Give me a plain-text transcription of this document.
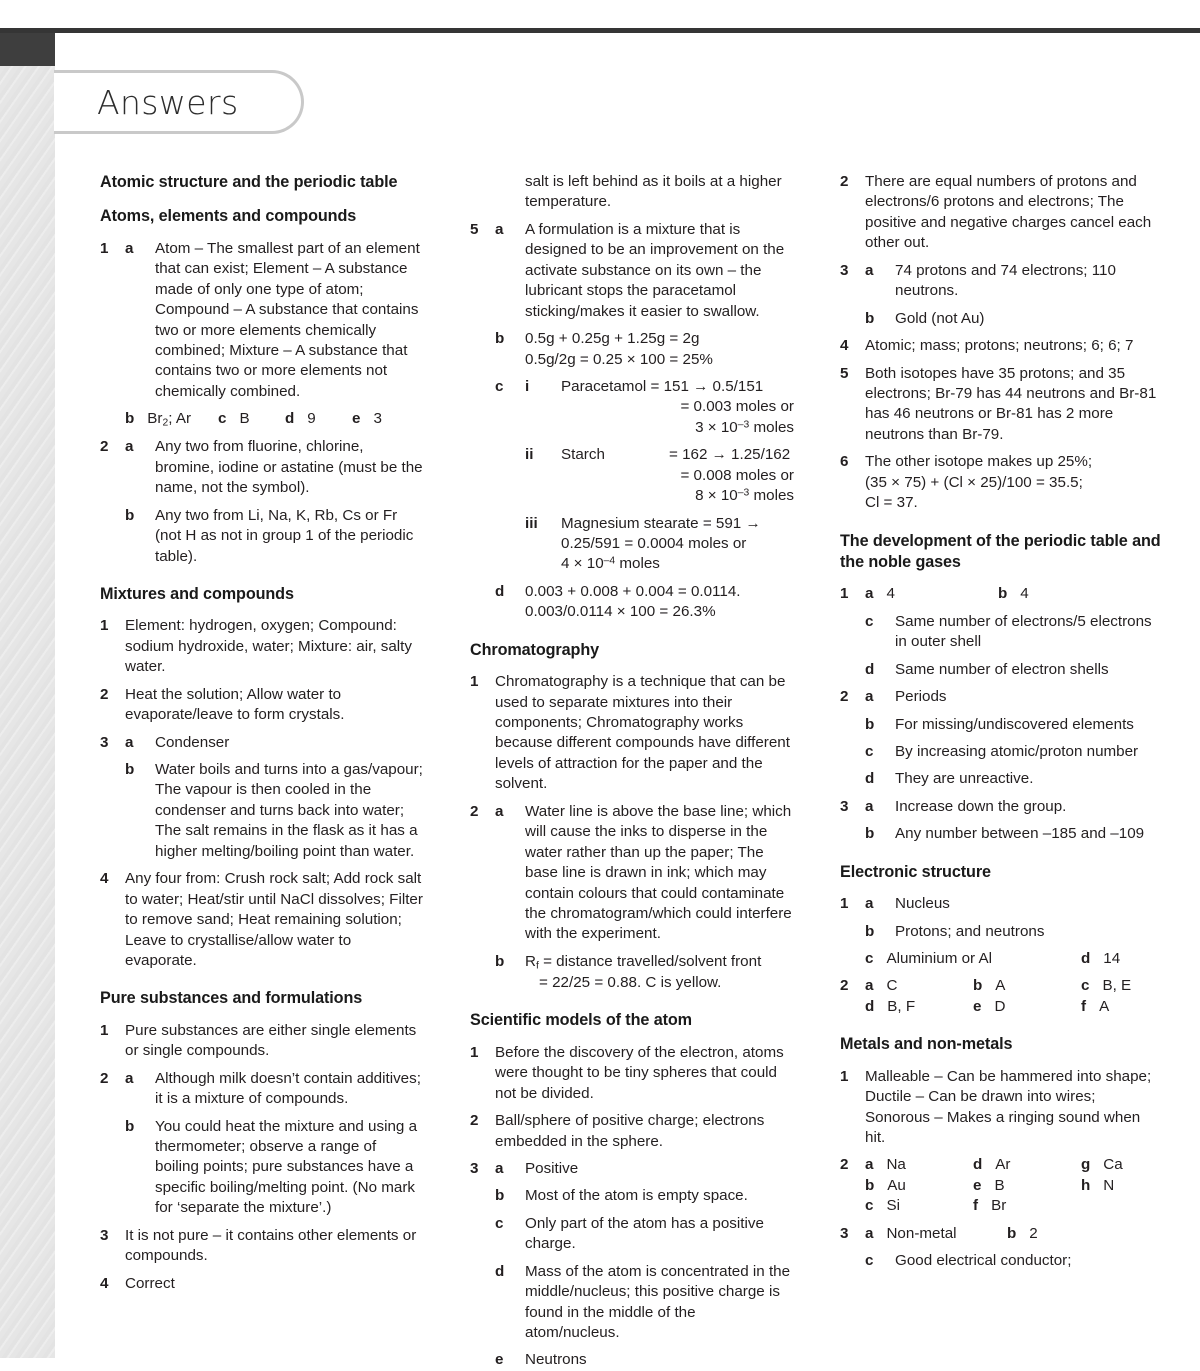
Answers
Atomic structure and the periodic table
Atoms, elements and compounds
1	a	Atom – The smallest part of an element that can exist; Element – A substance made of only one type of atom; Compound – A substance that contains two or more elements chemically combined; Mixture – A substance that contains two or more elements not chemically combined.
b $Br_2$; Ar c B d 9 e 3
2	a	Any two from fluorine, chlorine, bromine, iodine or astatine (must be the name, not the symbol).
b	Any two from Li, Na, K, Rb, Cs or Fr (not H as not in group 1 of the periodic table).
Mixtures and compounds
1	Element: hydrogen, oxygen; Compound: sodium hydroxide, water; Mixture: air, salty water.
2	Heat the solution; Allow water to evaporate/leave to form crystals.
3	a	Condenser
b	Water boils and turns into a gas/vapour; The vapour is then cooled in the condenser and turns back into water; The salt remains in the flask as it has a higher melting/boiling point than water.
4	Any four from: Crush rock salt; Add rock salt to water; Heat/stir until NaCl dissolves; Filter to remove sand; Heat remaining solution; Leave to crystallise/allow water to evaporate.
Pure substances and formulations
1	Pure substances are either single elements or single compounds.
2	a	Although milk doesn’t contain additives; it is a mixture of compounds.
b	You could heat the mixture and using a thermometer; observe a range of boiling points; pure substances have a specific boiling/melting point. (No mark for ‘separate the mixture’.)
3	It is not pure – it contains other elements or compounds.
4	Correct
salt is left behind as it boils at a higher temperature.
5	a	A formulation is a mixture that is designed to be an improvement on the activate substance on its own – the lubricant stops the paracetamol sticking/makes it easier to swallow.
b	0.5g + 0.25g + 1.25g = 2g
0.5g/2g = 0.25 × 100 = 25%
c	i	Paracetamol = 151 → 0.5/151
= 0.003 moles or
$3 \times 10^{-3}$ moles
ii	Starch	= 162 → 1.25/162
= 0.008 moles or
$8 \times 10^{-3}$ moles
iii	Magnesium stearate = 591 →
0.25/591 = 0.0004 moles or
$4 \times 10^{-4}$ moles
d	0.003 + 0.008 + 0.004 = 0.0114.
0.003/0.0114 × 100 = 26.3%
Chromatography
1	Chromatography is a technique that can be used to separate mixtures into their components; Chromatography works because different compounds have different levels of attraction for the paper and the solvent.
2	a	Water line is above the base line; which will cause the inks to disperse in the water rather than up the paper; The base line is drawn in ink; which may contain colours that could contaminate the chromatogram/which could interfere with the experiment.
b	$R_f$ = distance travelled/solvent front
= 22/25 = 0.88. C is yellow.
Scientific models of the atom
1	Before the discovery of the electron, atoms were thought to be tiny spheres that could not be divided.
2	Ball/sphere of positive charge; electrons embedded in the sphere.
3	a	Positive
b	Most of the atom is empty space.
c	Only part of the atom has a positive charge.
d	Mass of the atom is concentrated in the middle/nucleus; this positive charge is found in the middle of the atom/nucleus.
e	Neutrons
2	There are equal numbers of protons and electrons/6 protons and electrons; The positive and negative charges cancel each other out.
3	a	74 protons and 74 electrons; 110 neutrons.
b	Gold (not Au)
4	Atomic; mass; protons; neutrons; 6; 6; 7
5	Both isotopes have 35 protons; and 35 electrons; Br-79 has 44 neutrons and Br-81 has 46 neutrons or Br-81 has 2 more neutrons than Br-79.
6	The other isotope makes up 25%;
(35 × 75) + (Cl × 25)/100 = 35.5;
Cl = 37.
The development of the periodic table and the noble gases
1	a 4	b 4
c	Same number of electrons/5 electrons in outer shell
d	Same number of electron shells
2	a	Periods
b	For missing/undiscovered elements
c	By increasing atomic/proton number
d	They are unreactive.
3	a	Increase down the group.
b	Any number between –185 and –109
Electronic structure
1	a	Nucleus
b	Protons; and neutrons
c Aluminium or Al	d 14
2	a C	b A	c B, E
d B, F	e D	f A
Metals and non-metals
1	Malleable – Can be hammered into shape; Ductile – Can be drawn into wires; Sonorous – Makes a ringing sound when hit.
2	a Na	d Ar	g Ca
b Au	e B	h N
c Si	f Br
3	a Non-metal	b 2
c	Good electrical conductor;
